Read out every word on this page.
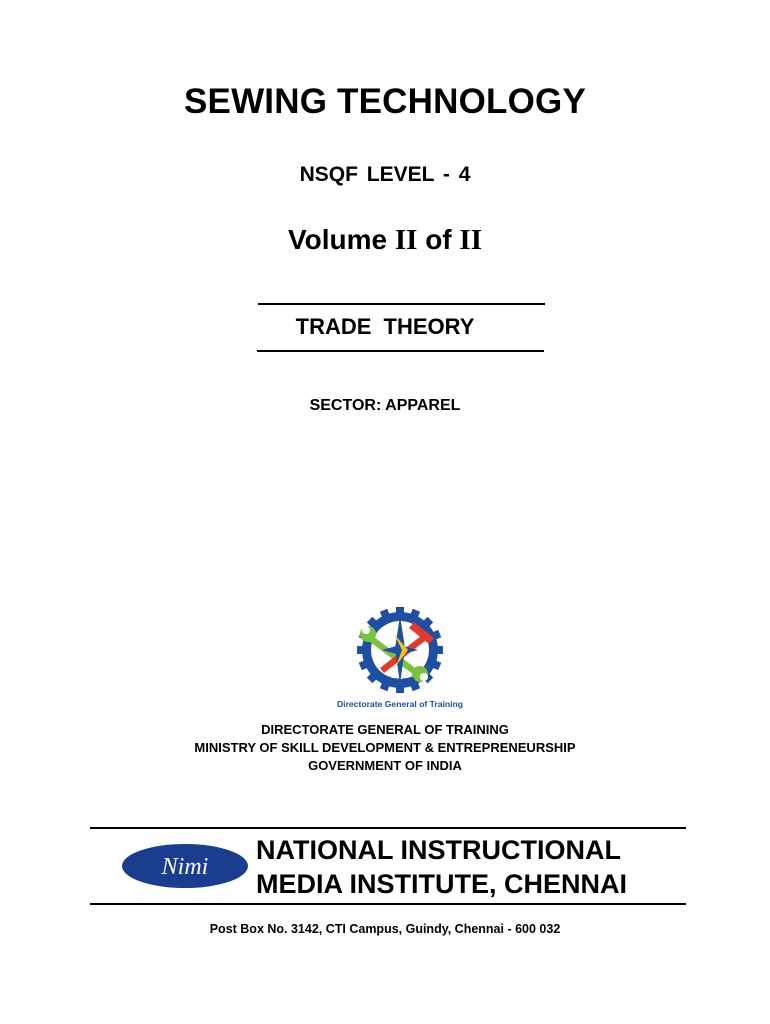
SEWING TECHNOLOGY
NSQF LEVEL - 4
Volume II of II
TRADE THEORY
SECTOR: APPAREL
कौशल भारत
Directorate General of Training
DIRECTORATE GENERAL OF TRAINING
MINISTRY OF SKILL DEVELOPMENT & ENTREPRENEURSHIP
GOVERNMENT OF INDIA
Nimi
NATIONAL INSTRUCTIONAL
MEDIA INSTITUTE, CHENNAI
Post Box No. 3142, CTI Campus, Guindy, Chennai - 600 032
